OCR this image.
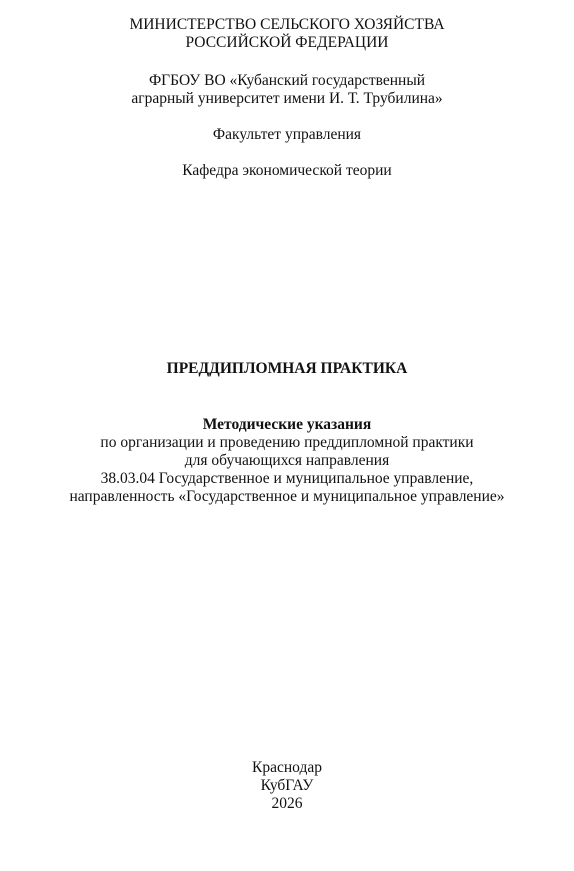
МИНИСТЕРСТВО СЕЛЬСКОГО ХОЗЯЙСТВА
РОССИЙСКОЙ ФЕДЕРАЦИИ
ФГБОУ ВО «Кубанский государственный
аграрный университет имени И. Т. Трубилина»
Факультет управления
Кафедра экономической теории
ПРЕДДИПЛОМНАЯ ПРАКТИКА
Методические указания
по организации и проведению преддипломной практики
для обучающихся направления
38.03.04 Государственное и муниципальное управление,
направленность «Государственное и муниципальное управление»
Краснодар
КубГАУ
2026
